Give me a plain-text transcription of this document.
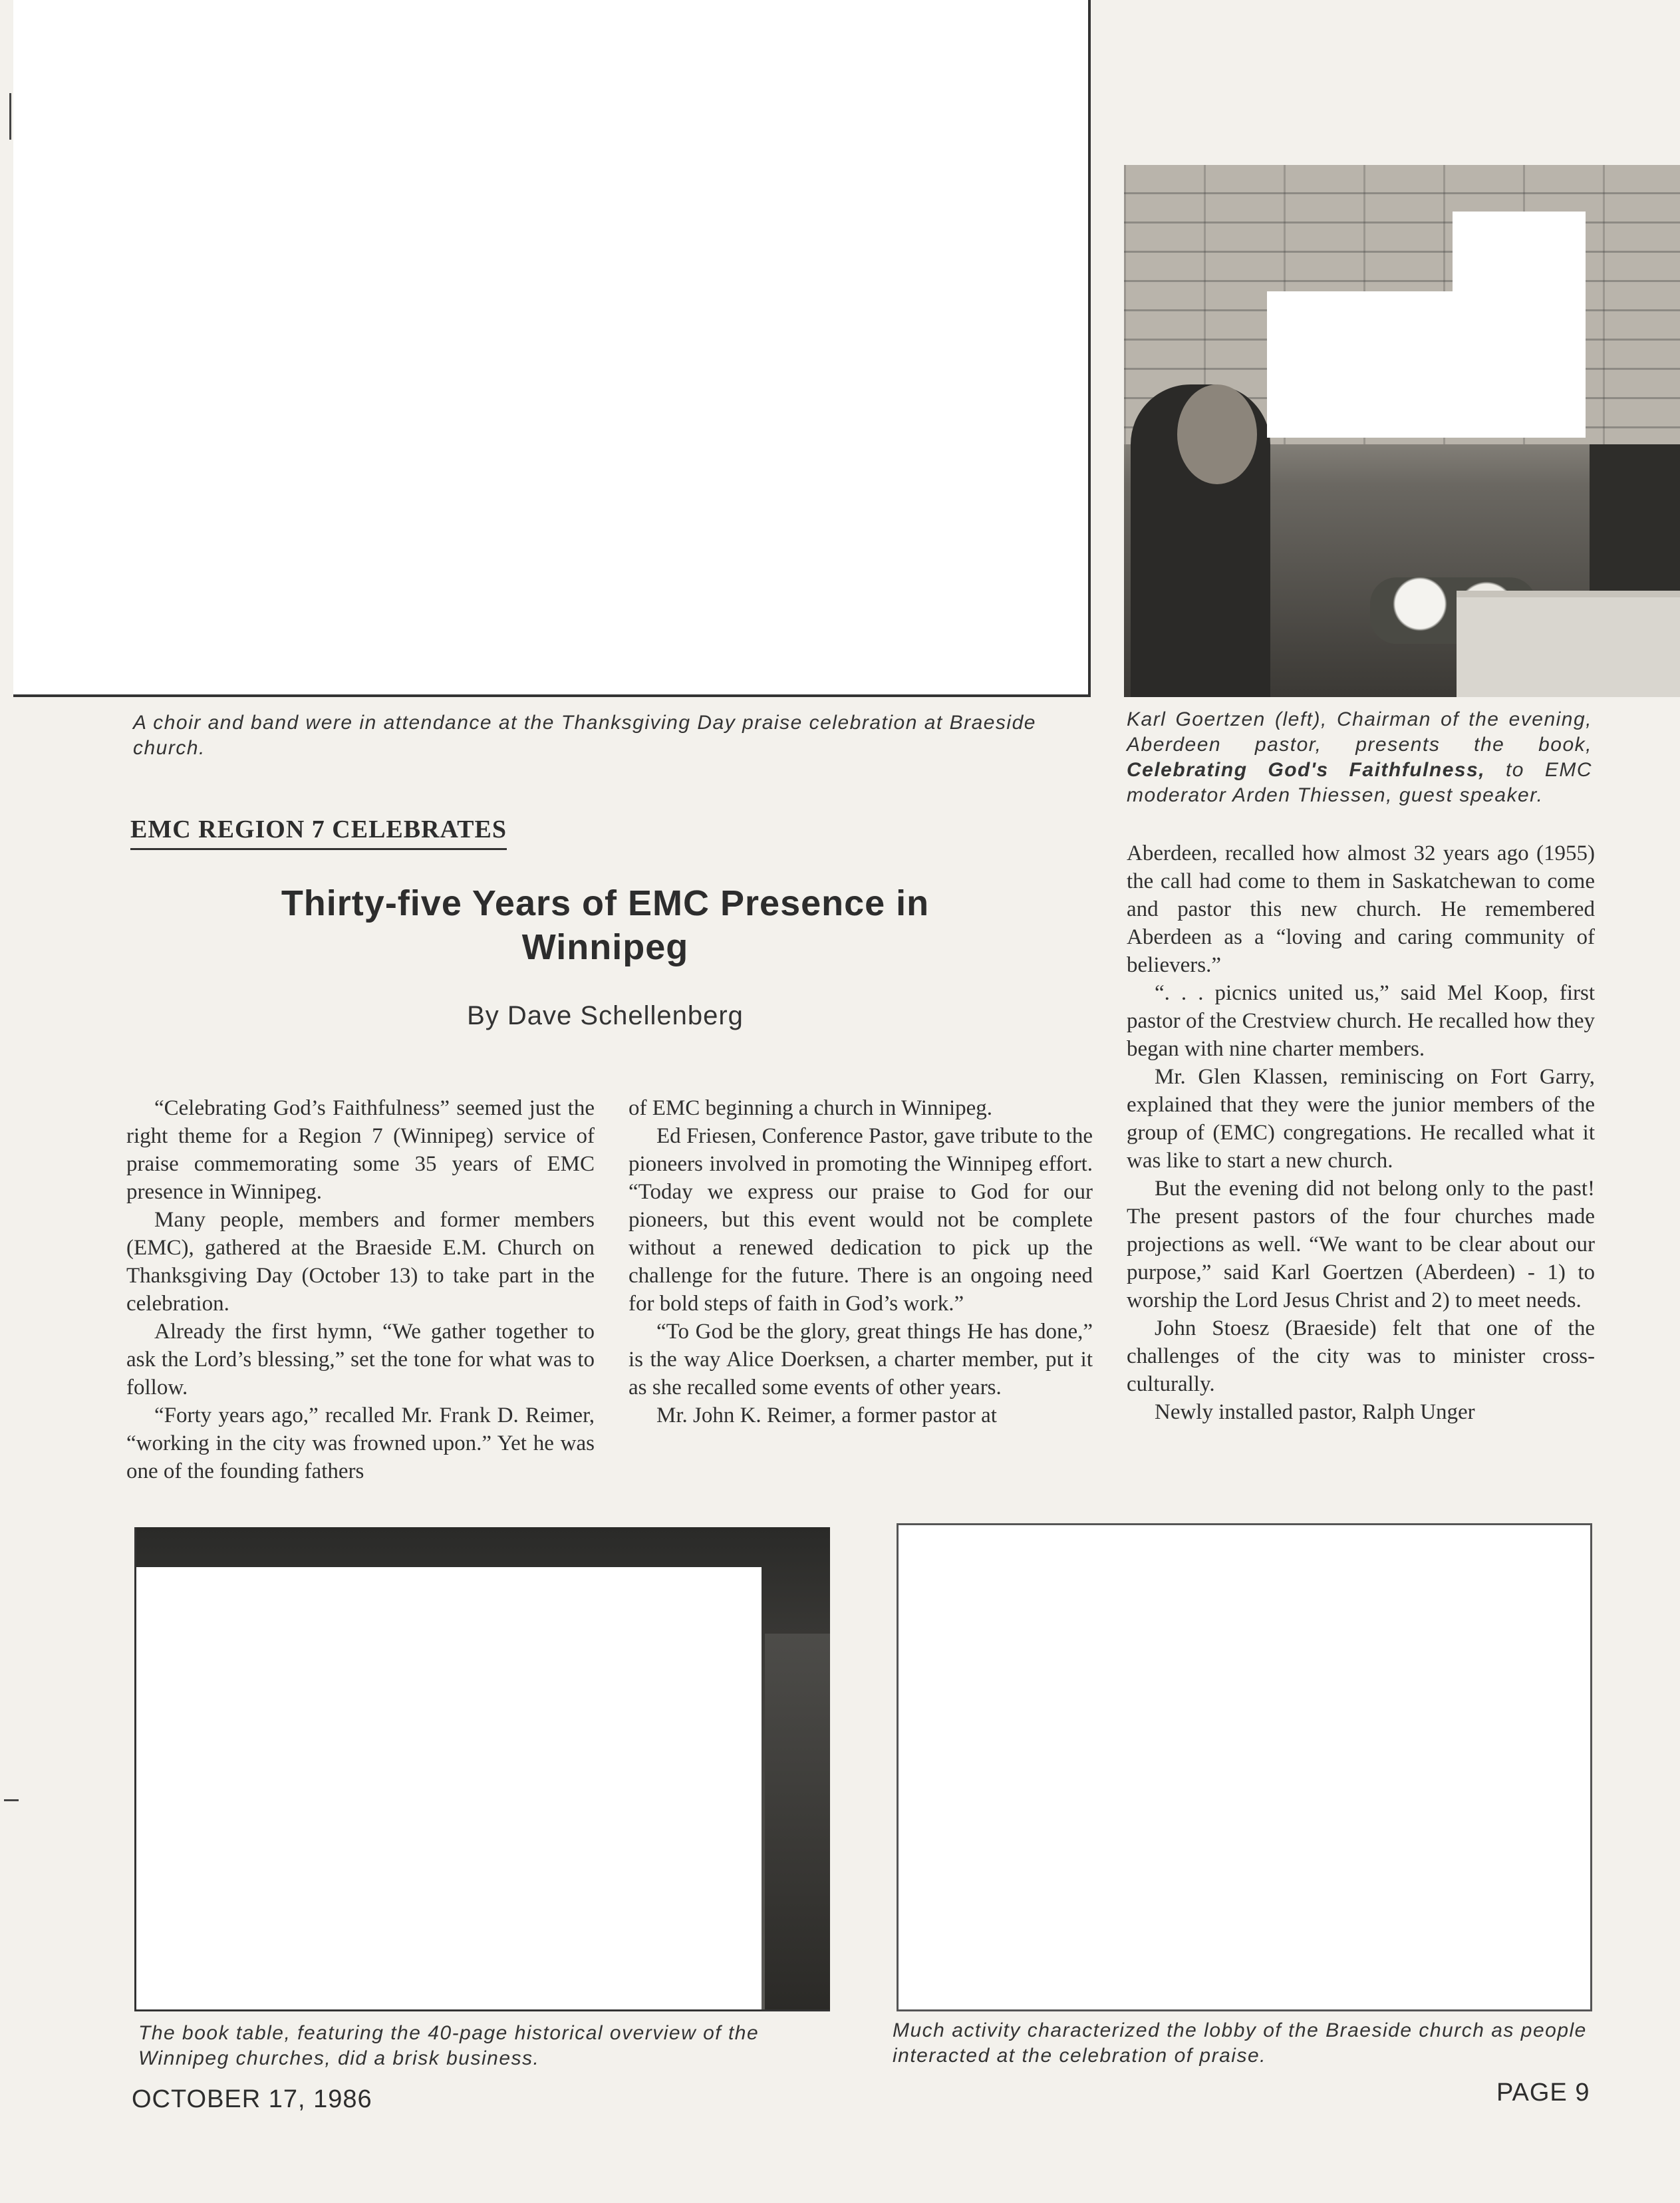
A choir and band were in attendance at the Thanksgiving Day praise celebration at Braeside church.

Karl Goertzen (left), Chairman of the evening, Aberdeen pastor, presents the book, Celebrating God's Faithfulness, to EMC moderator Arden Thiessen, guest speaker.

The book table, featuring the 40-page historical overview of the Winnipeg churches, did a brisk business.

Much activity characterized the lobby of the Braeside church as people interacted at the celebration of praise.

EMC REGION 7 CELEBRATES
Thirty-five Years of EMC Presence in Winnipeg
By Dave Schellenberg

“Celebrating God’s Faithfulness” seemed just the right theme for a Region 7 (Winnipeg) service of praise commemorating some 35 years of EMC presence in Winnipeg.

Many people, members and former members (EMC), gathered at the Braeside E.M. Church on Thanksgiving Day (October 13) to take part in the celebration.

Already the first hymn, “We gather together to ask the Lord’s blessing,” set the tone for what was to follow.

“Forty years ago,” recalled Mr. Frank D. Reimer, “working in the city was frowned upon.” Yet he was one of the founding fathers

of EMC beginning a church in Winnipeg.

Ed Friesen, Conference Pastor, gave tribute to the pioneers involved in promoting the Winnipeg effort. “Today we express our praise to God for our pioneers, but this event would not be complete without a renewed dedication to pick up the challenge for the future. There is an ongoing need for bold steps of faith in God’s work.”

“To God be the glory, great things He has done,” is the way Alice Doerksen, a charter member, put it as she recalled some events of other years.

Mr. John K. Reimer, a former pastor at

Aberdeen, recalled how almost 32 years ago (1955) the call had come to them in Saskatchewan to come and pastor this new church. He remembered Aberdeen as a “loving and caring community of believers.”

“. . . picnics united us,” said Mel Koop, first pastor of the Crestview church. He recalled how they began with nine charter members.

Mr. Glen Klassen, reminiscing on Fort Garry, explained that they were the junior members of the group of (EMC) congregations. He recalled what it was like to start a new church.

But the evening did not belong only to the past! The present pastors of the four churches made projections as well. “We want to be clear about our purpose,” said Karl Goertzen (Aberdeen) - 1) to worship the Lord Jesus Christ and 2) to meet needs.

John Stoesz (Braeside) felt that one of the challenges of the city was to minister cross-culturally.

Newly installed pastor, Ralph Unger

OCTOBER 17, 1986	PAGE 9
